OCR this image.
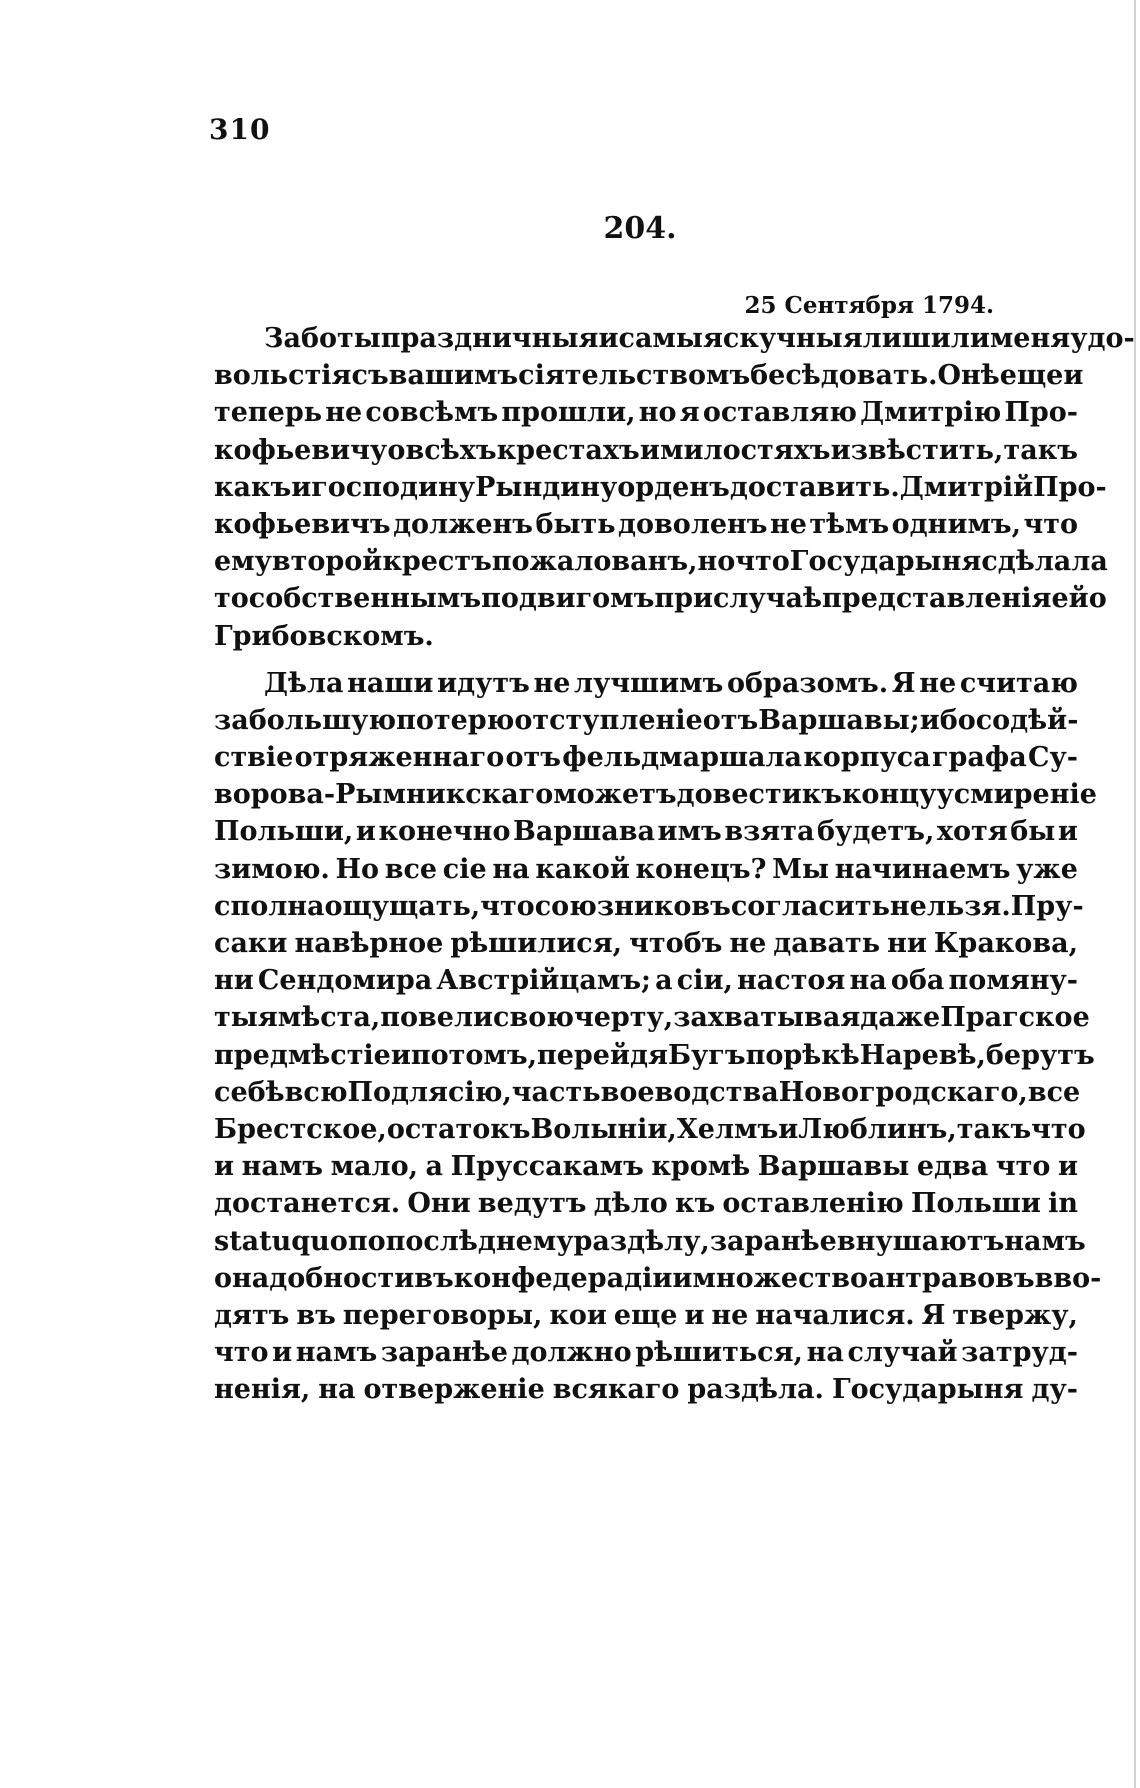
310
204.
25 Сентября 1794.
Заботы праздничныя и самыя скучныя лишили меня удо-
вольстія съ вашимъ сіятельствомъ бесѣдовать. Онѣ еще и
теперь не совсѣмъ прошли, но я оставляю Дмитрію Про-
кофьевичу о всѣхъ крестахъ и милостяхъ извѣстить, такъ
какъ и господину Рындину орденъ доставить. Дмитрій Про-
кофьевичъ долженъ быть доволенъ не тѣмъ однимъ, что
ему второй крестъ пожалованъ, но что Государыня сдѣлала
то собственнымъ подвигомъ при случаѣ представленія ей о
Грибовскомъ.
Дѣла наши идутъ не лучшимъ образомъ. Я не считаю
за большую потерю отступленіе отъ Варшавы; ибо содѣй-
ствіе отряженнаго отъ фельдмаршала корпуса графа Су-
ворова-Рымникскаго можетъ довести къ концу усмиреніе
Польши, и конечно Варшава имъ взята будетъ, хотя бы и
зимою. Но все сіе на какой конецъ? Мы начинаемъ уже
сполна ощущать, что союзниковъ согласить нельзя. Пру-
саки навѣрное рѣшилися, чтобъ не давать ни Кракова,
ни Сендомира Австрійцамъ; а сіи, настоя на оба помяну-
тыя мѣста, повели свою черту, захватывая даже Прагское
предмѣстіе и потомъ, перейдя Бугъ по рѣкѣ Наревѣ, берутъ
себѣ всю Подлясію, часть воеводства Новогродскаго, все
Брестское, остатокъ Волыніи, Хелмъ и Люблинъ, такъ что
и намъ мало, а Пруссакамъ кромѣ Варшавы едва что и
достанется. Они ведутъ дѣло къ оставленію Польши in
statu quo по послѣднему раздѣлу, заранѣе внушаютъ намъ
о надобности въ конфедерадіи и множество антравовъ вво-
дятъ въ переговоры, кои еще и не началися. Я твержу,
что и намъ заранѣе должно рѣшиться, на случай затруд-
ненія, на отверженіе всякаго раздѣла. Государыня ду-
